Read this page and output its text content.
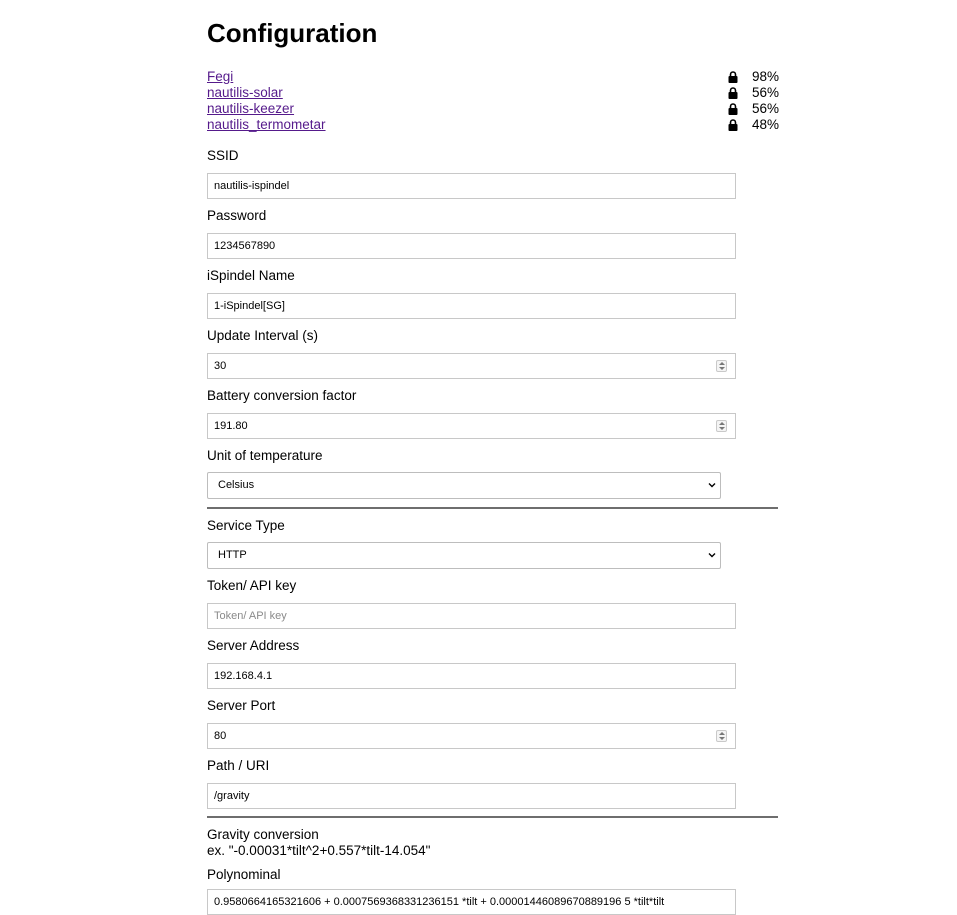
Configuration
Fegi	98%
nautilis-solar	56%
nautilis-keezer	56%
nautilis_termometar	48%
SSID
nautilis-ispindel
Password
1234567890
iSpindel Name
1-iSpindel[SG]
Update Interval (s)
30
Battery conversion factor
191.80
Unit of temperature
Celsius
Service Type
HTTP
Token/ API key
Token/ API key
Server Address
192.168.4.1
Server Port
80
Path / URI
/gravity
Gravity conversion
ex. "-0.00031*tilt^2+0.557*tilt-14.054"
Polynominal
0.9580664165321606 + 0.0007569368331236151 *tilt + 0.00001446089670889196 5 *tilt*tilt
